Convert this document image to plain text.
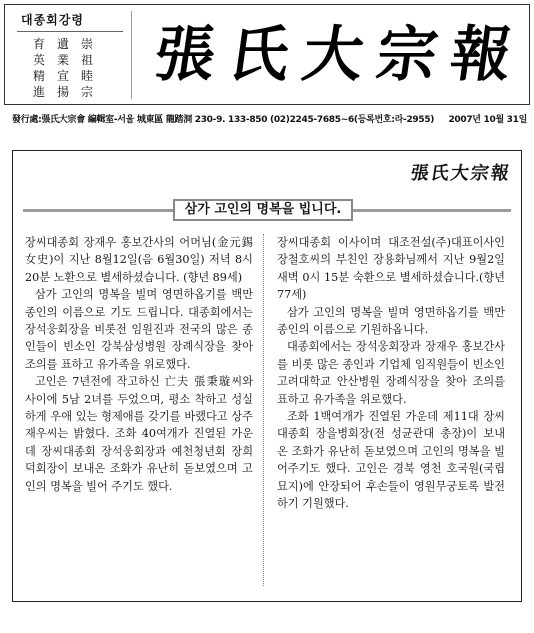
대종회강령
育 遺 崇
英 業 祖
精 宣 睦
進 揚 宗
張氏大宗報
發行處:張氏大宗會 編輯室-서울 城東區 龍踏洞 230-9. 133-850 (02)2245-7685~6(등록번호:라-2955) 2007년 10월 31일
張氏大宗報
삼가 고인의 명복을 빕니다.

장씨대종회 장재우 홍보간사의 어머님(金元錫 女史)이 지난 8월12일(음 6월30일) 저녁 8시20분 노환으로 별세하셨습니다. (향년 89세)

삼가 고인의 명복을 빌며 영면하옵기를 백만종인의 이름으로 기도 드립니다. 대종회에서는 장석웅회장을 비롯전 임원진과 전국의 많은 종인들이 빈소인 강북삼성병원 장례식장을 찾아 조의를 표하고 유가족을 위로했다.

고인은 7년전에 작고하신 亡夫 張秉璇씨와 사이에 5남 2녀를 두었으며, 평소 착하고 성실하게 우애 있는 형제애를 갖기를 바랬다고 상주 재우씨는 밝혔다. 조화 40여개가 진열된 가운데 장씨대종회 장석웅회장과 예천청년회 장희덕회장이 보내온 조화가 유난히 돋보였으며 고인의 명복을 빌어 주기도 했다.

장씨대종회 이사이며 대조전설(주)대표이사인 장철호씨의 부친인 장용화님께서 지난 9월2일 새벽 0시 15분 숙환으로 별세하셨습니다.(향년77세)

삼가 고인의 명복을 빌며 영면하옵기를 백만종인의 이름으로 기원하옵니다.

대종회에서는 장석웅회장과 장재우 홍보간사를 비롯 많은 종인과 기업체 임직원들이 빈소인 고려대학교 안산병원 장례식장을 찾아 조의를 표하고 유가족을 위로했다.

조화 1백여개가 진열된 가운데 제11대 장씨대종회 장을병회장(전 성균관대 총장)이 보내온 조화가 유난히 돋보였으며 고인의 명복을 빌어주기도 했다. 고인은 경북 영천 호국원(국립묘지)에 안장되어 후손들이 영원무궁토록 발전하기 기원했다.
